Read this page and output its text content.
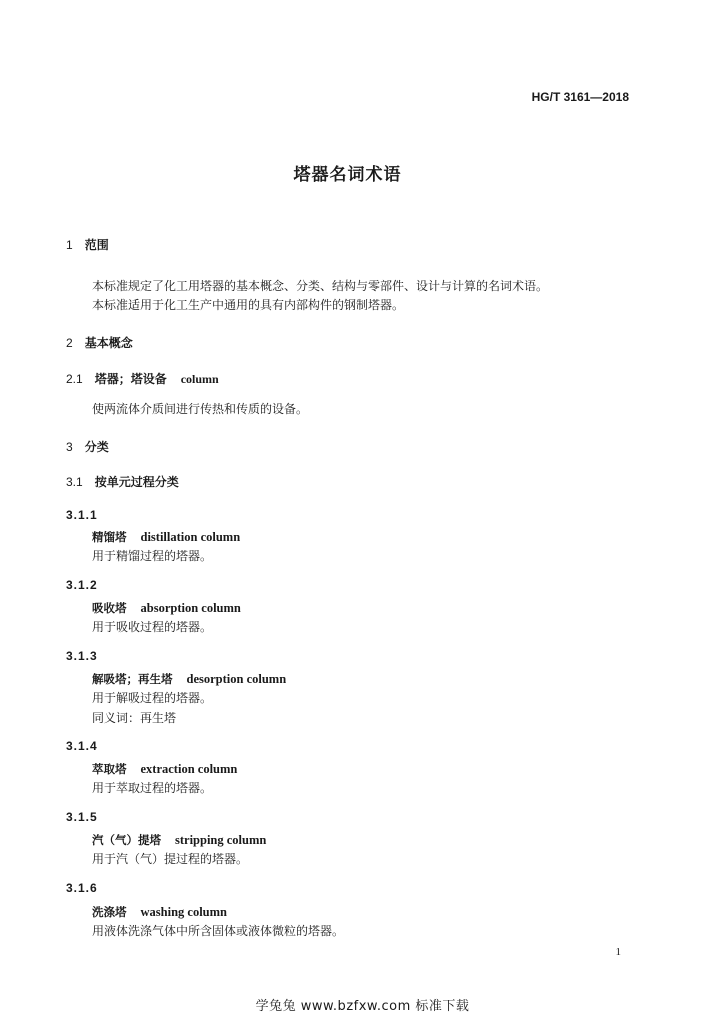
HG/T 3161—2018
塔器名词术语
1 范围
本标准规定了化工用塔器的基本概念、分类、结构与零部件、设计与计算的名词术语。
本标准适用于化工生产中通用的具有内部构件的钢制塔器。
2 基本概念
2.1 塔器；塔设备 column
使两流体介质间进行传热和传质的设备。
3 分类
3.1 按单元过程分类
3.1.1
精馏塔 distillation column
用于精馏过程的塔器。
3.1.2
吸收塔 absorption column
用于吸收过程的塔器。
3.1.3
解吸塔；再生塔 desorption column
用于解吸过程的塔器。
同义词：再生塔
3.1.4
萃取塔 extraction column
用于萃取过程的塔器。
3.1.5
汽（气）提塔 stripping column
用于汽（气）提过程的塔器。
3.1.6
洗涤塔 washing column
用液体洗涤气体中所含固体或液体微粒的塔器。
1
学兔兔 www.bzfxw.com 标准下载
